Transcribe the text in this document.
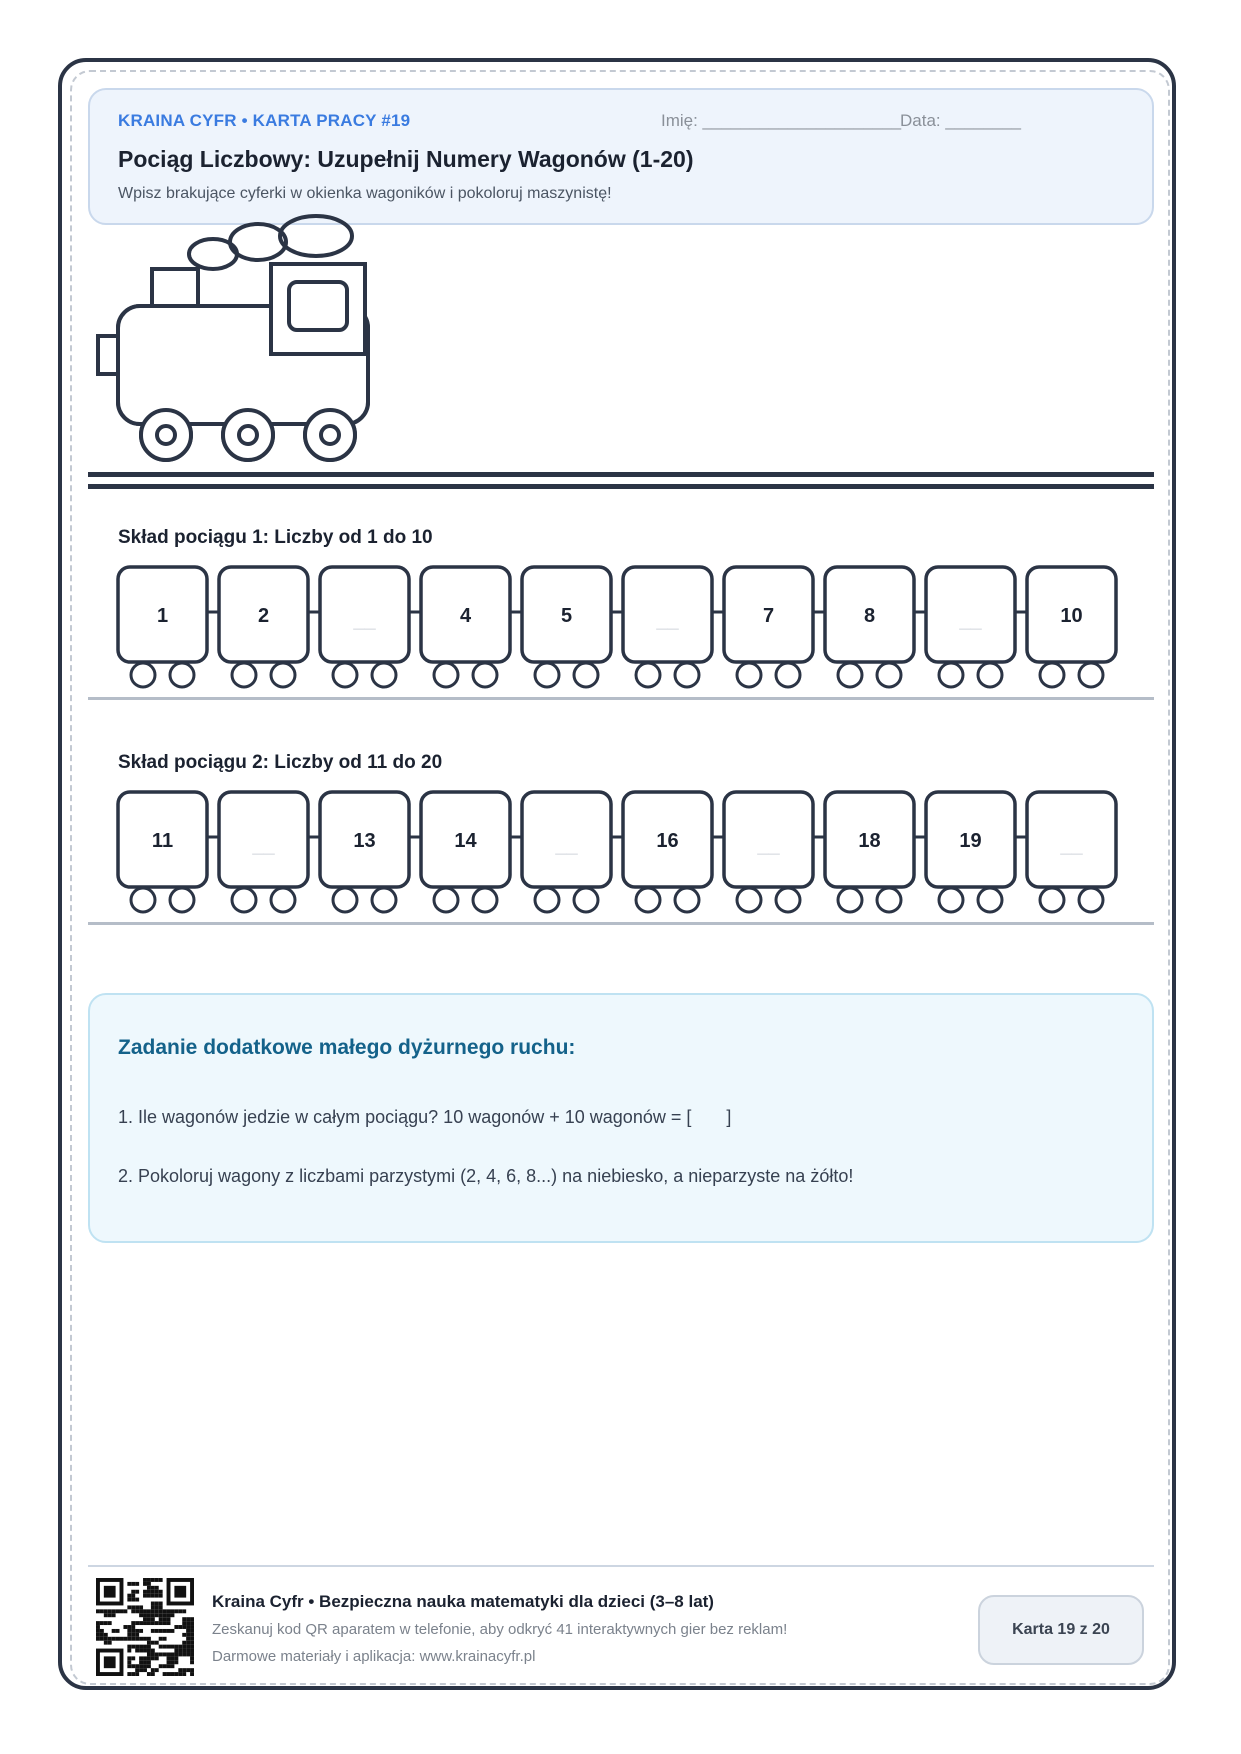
KRAINA CYFR • KARTA PRACY #19	Imię: _____________________
Data: ________
Pociąg Liczbowy: Uzupełnij Numery Wagonów (1-20)
Wpisz brakujące cyferki w okienka wagoników i pokoloruj maszynistę!
Skład pociągu 1: Liczby od 1 do 10
1	2	__	4	5	__	7	8	__	10
Skład pociągu 2: Liczby od 11 do 20
11	__	13	14	__	16	__	18	19	__
Zadanie dodatkowe małego dyżurnego ruchu:
1. Ile wagonów jedzie w całym pociągu? 10 wagonów + 10 wagonów = [       ]
2. Pokoloruj wagony z liczbami parzystymi (2, 4, 6, 8...) na niebiesko, a nieparzyste na żółto!
Kraina Cyfr • Bezpieczna nauka matematyki dla dzieci (3–8 lat)
Zeskanuj kod QR aparatem w telefonie, aby odkryć 41 interaktywnych gier bez reklam!
Darmowe materiały i aplikacja: www.krainacyfr.pl
Karta 19 z 20
